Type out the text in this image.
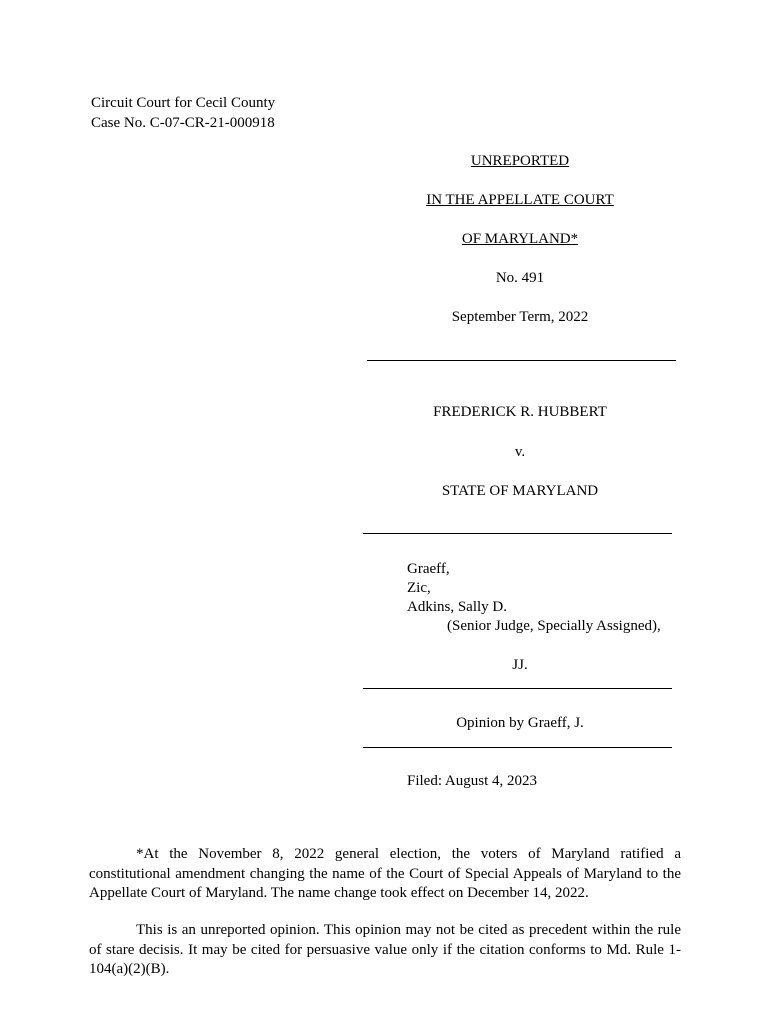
Circuit Court for Cecil County
Case No. C-07-CR-21-000918
UNREPORTED
IN THE APPELLATE COURT
OF MARYLAND*
No. 491
September Term, 2022
FREDERICK R. HUBBERT
v.
STATE OF MARYLAND
Graeff,
Zic,
Adkins, Sally D.
(Senior Judge, Specially Assigned),
JJ.
Opinion by Graeff, J.
Filed: August 4, 2023

*At the November 8, 2022 general election, the voters of Maryland ratified a constitutional amendment changing the name of the Court of Special Appeals of Maryland to the Appellate Court of Maryland. The name change took effect on December 14, 2022.

This is an unreported opinion. This opinion may not be cited as precedent within the rule of stare decisis. It may be cited for persuasive value only if the citation conforms to Md. Rule 1-104(a)(2)(B).
